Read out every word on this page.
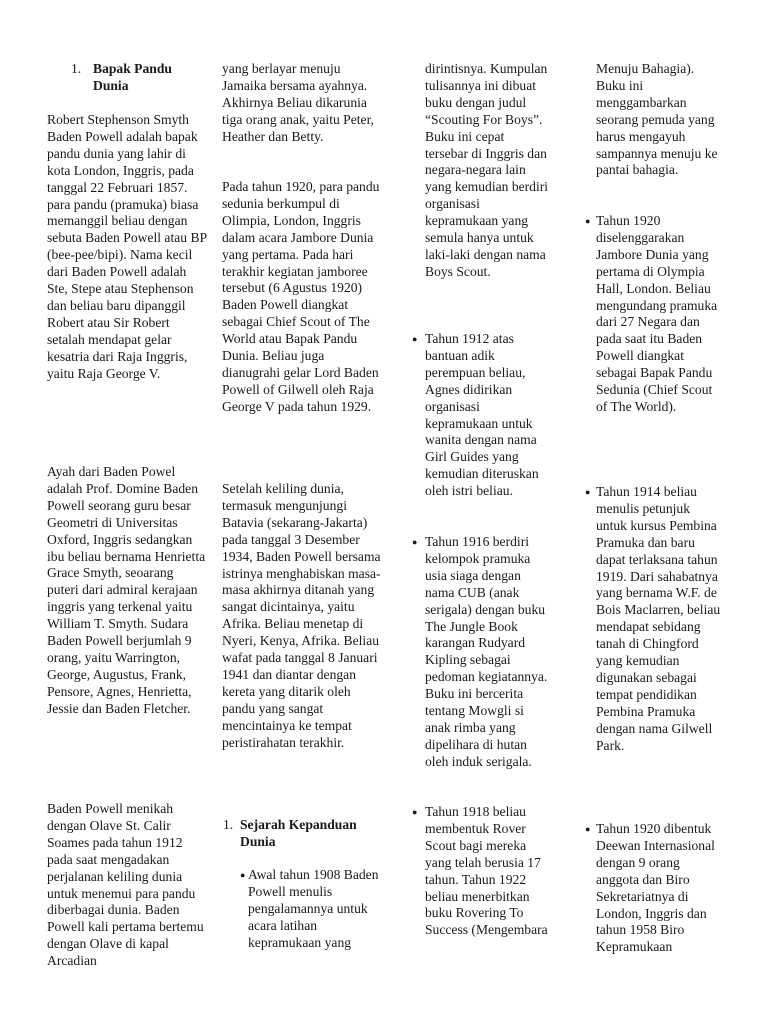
1. Bapak Pandu Dunia

Robert Stephenson Smyth Baden Powell adalah bapak pandu dunia yang lahir di kota London, Inggris, pada tanggal 22 Februari 1857. para pandu (pramuka) biasa memanggil beliau dengan sebuta Baden Powell atau BP (bee-pee/bipi). Nama kecil dari Baden Powell adalah Ste, Stepe atau Stephenson dan beliau baru dipanggil Robert atau Sir Robert setalah mendapat gelar kesatria dari Raja Inggris, yaitu Raja George V.

Ayah dari Baden Powel adalah Prof. Domine Baden Powell seorang guru besar Geometri di Universitas Oxford, Inggris sedangkan ibu beliau bernama Henrietta Grace Smyth, seoarang puteri dari admiral kerajaan inggris yang terkenal yaitu William T. Smyth. Sudara Baden Powell berjumlah 9 orang, yaitu Warrington, George, Augustus, Frank, Pensore, Agnes, Henrietta, Jessie dan Baden Fletcher.

Baden Powell menikah dengan Olave St. Calir Soames pada tahun 1912 pada saat mengadakan perjalanan keliling dunia untuk menemui para pandu diberbagai dunia. Baden Powell kali pertama bertemu dengan Olave di kapal Arcadian

yang berlayar menuju Jamaika bersama ayahnya. Akhirnya Beliau dikarunia tiga orang anak, yaitu Peter, Heather dan Betty.

Pada tahun 1920, para pandu sedunia berkumpul di Olimpia, London, Inggris dalam acara Jambore Dunia yang pertama. Pada hari terakhir kegiatan jamboree tersebut (6 Agustus 1920) Baden Powell diangkat sebagai Chief Scout of The World atau Bapak Pandu Dunia. Beliau juga dianugrahi gelar Lord Baden Powell of Gilwell oleh Raja George V pada tahun 1929.

Setelah keliling dunia, termasuk mengunjungi Batavia (sekarang-Jakarta) pada tanggal 3 Desember 1934, Baden Powell bersama istrinya menghabiskan masa-masa akhirnya ditanah yang sangat dicintainya, yaitu Afrika. Beliau menetap di Nyeri, Kenya, Afrika. Beliau wafat pada tanggal 8 Januari 1941 dan diantar dengan kereta yang ditarik oleh pandu yang sangat mencintainya ke tempat peristirahatan terakhir.

1. Sejarah Kepanduan Dunia
● Awal tahun 1908 Baden Powell menulis pengalamannya untuk acara latihan kepramukaan yang

dirintisnya. Kumpulan tulisannya ini dibuat buku dengan judul “Scouting For Boys”. Buku ini cepat tersebar di Inggris dan negara-negara lain yang kemudian berdiri organisasi kepramukaan yang semula hanya untuk laki-laki dengan nama Boys Scout.

● Tahun 1912 atas bantuan adik perempuan beliau, Agnes didirikan organisasi kepramukaan untuk wanita dengan nama Girl Guides yang kemudian diteruskan oleh istri beliau.
● Tahun 1916 berdiri kelompok pramuka usia siaga dengan nama CUB (anak serigala) dengan buku The Jungle Book karangan Rudyard Kipling sebagai pedoman kegiatannya. Buku ini bercerita tentang Mowgli si anak rimba yang dipelihara di hutan oleh induk serigala.
● Tahun 1918 beliau membentuk Rover Scout bagi mereka yang telah berusia 17 tahun. Tahun 1922 beliau menerbitkan buku Rovering To Success (Mengembara

Menuju Bahagia). Buku ini menggambarkan seorang pemuda yang harus mengayuh sampannya menuju ke pantai bahagia.

● Tahun 1920 diselenggarakan Jambore Dunia yang pertama di Olympia Hall, London. Beliau mengundang pramuka dari 27 Negara dan pada saat itu Baden Powell diangkat sebagai Bapak Pandu Sedunia (Chief Scout of The World).
● Tahun 1914 beliau menulis petunjuk untuk kursus Pembina Pramuka dan baru dapat terlaksana tahun 1919. Dari sahabatnya yang bernama W.F. de Bois Maclarren, beliau mendapat sebidang tanah di Chingford yang kemudian digunakan sebagai tempat pendidikan Pembina Pramuka dengan nama Gilwell Park.
● Tahun 1920 dibentuk Deewan Internasional dengan 9 orang anggota dan Biro Sekretariatnya di London, Inggris dan tahun 1958 Biro Kepramukaan
